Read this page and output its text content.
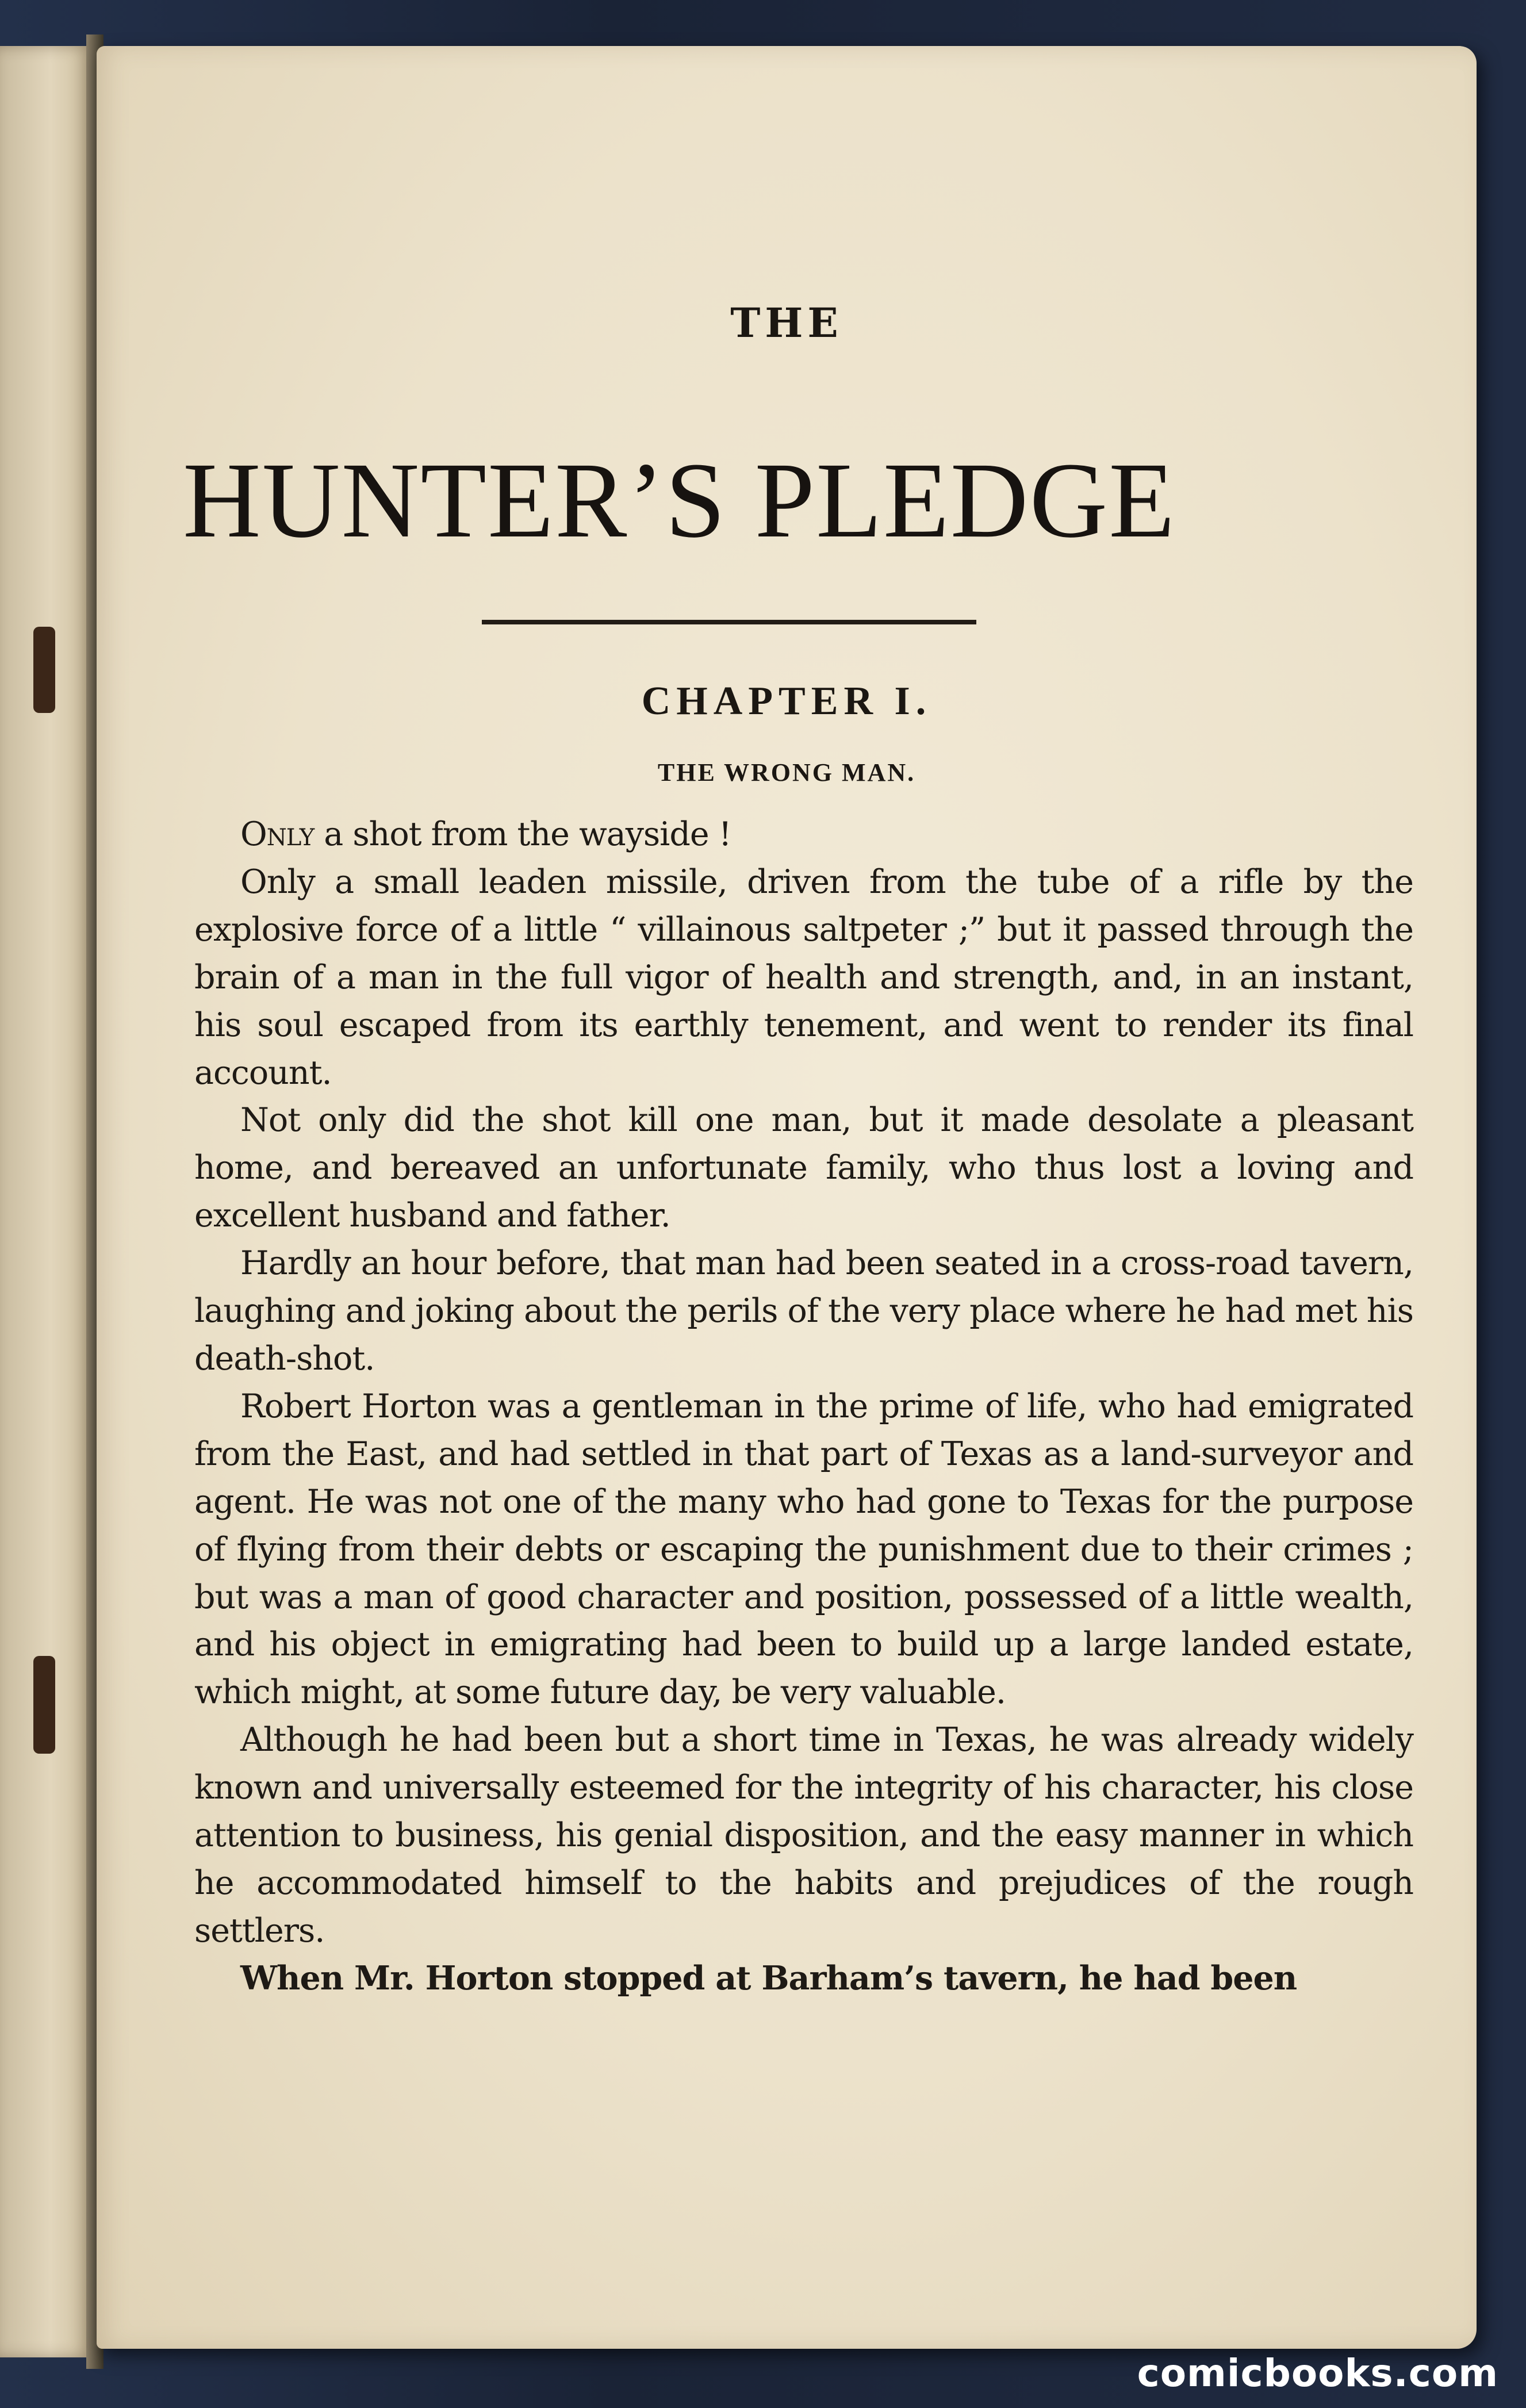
THE
HUNTER’S PLEDGE
CHAPTER I.
THE WRONG MAN.

Only a shot from the wayside !

Only a small leaden missile, driven from the tube of a rifle by the explosive force of a little “ villainous saltpeter ;” but it passed through the brain of a man in the full vigor of health and strength, and, in an instant, his soul escaped from its earthly tenement, and went to render its final account.

Not only did the shot kill one man, but it made desolate a pleasant home, and bereaved an unfortunate family, who thus lost a loving and excellent husband and father.

Hardly an hour before, that man had been seated in a cross-road tavern, laughing and joking about the perils of the very place where he had met his death-shot.

Robert Horton was a gentleman in the prime of life, who had emigrated from the East, and had settled in that part of Texas as a land-surveyor and agent. He was not one of the many who had gone to Texas for the purpose of flying from their debts or escaping the punishment due to their crimes ; but was a man of good character and position, possessed of a little wealth, and his object in emigrating had been to build up a large landed estate, which might, at some future day, be very valuable.

Although he had been but a short time in Texas, he was already widely known and universally esteemed for the integrity of his character, his close attention to business, his genial disposition, and the easy manner in which he accommodated himself to the habits and prejudices of the rough settlers.

When Mr. Horton stopped at Barham’s tavern, he had been

comicbooks.com
